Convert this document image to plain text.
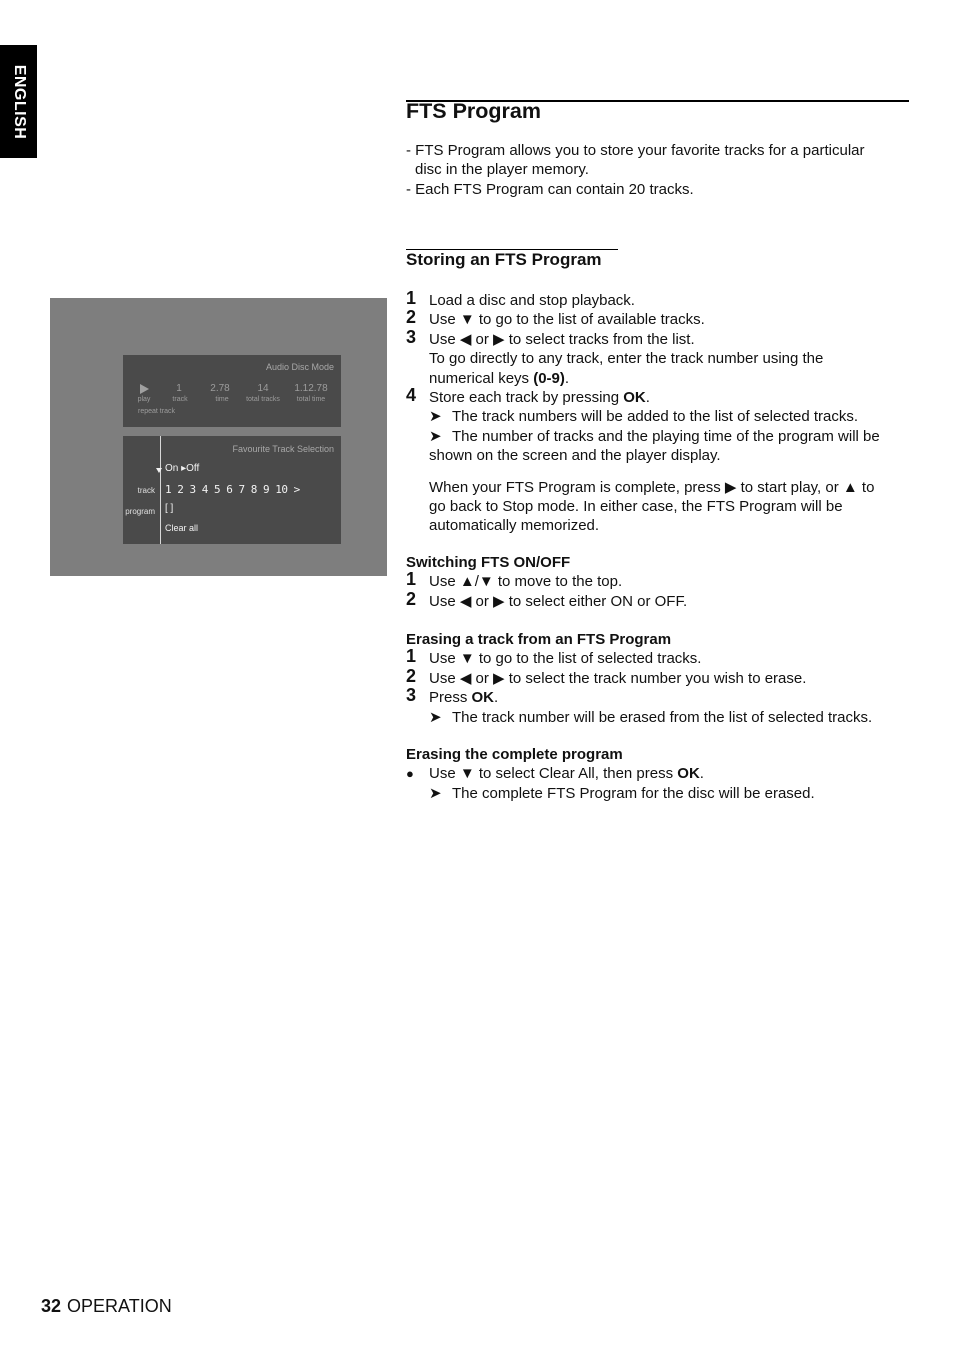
ENGLISH	FTS Program
- FTS Program allows you to store your favorite tracks for a particular
disc in the player memory.
- Each FTS Program can contain 20 tracks.
Storing an FTS Program
Audio Disc Mode
1	2.78	14	1.12.78
play	track	time total tracks total time
repeat track
Favourite Track Selection
On ▸Off
track 1 2 3 4 5 6 7 8 9 10 >
program [ ]
Clear all
1 Load a disc and stop playback.
2 Use ▼ to go to the list of available tracks.
3 Use ◀ or ▶ to select tracks from the list.
To go directly to any track, enter the track number using the
numerical keys (0-9).
4 Store each track by pressing OK.
➤ The track numbers will be added to the list of selected tracks.
➤ The number of tracks and the playing time of the program will be
shown on the screen and the player display.
When your FTS Program is complete, press ▶ to start play, or ▲ to
go back to Stop mode. In either case, the FTS Program will be
automatically memorized.
Switching FTS ON/OFF
1 Use ▲/▼ to move to the top.
2 Use ◀ or ▶ to select either ON or OFF.
Erasing a track from an FTS Program
1 Use ▼ to go to the list of selected tracks.
2 Use ◀ or ▶ to select the track number you wish to erase.
3 Press OK.
➤ The track number will be erased from the list of selected tracks.
Erasing the complete program
● Use ▼ to select Clear All, then press OK.
➤ The complete FTS Program for the disc will be erased.
32 OPERATION
